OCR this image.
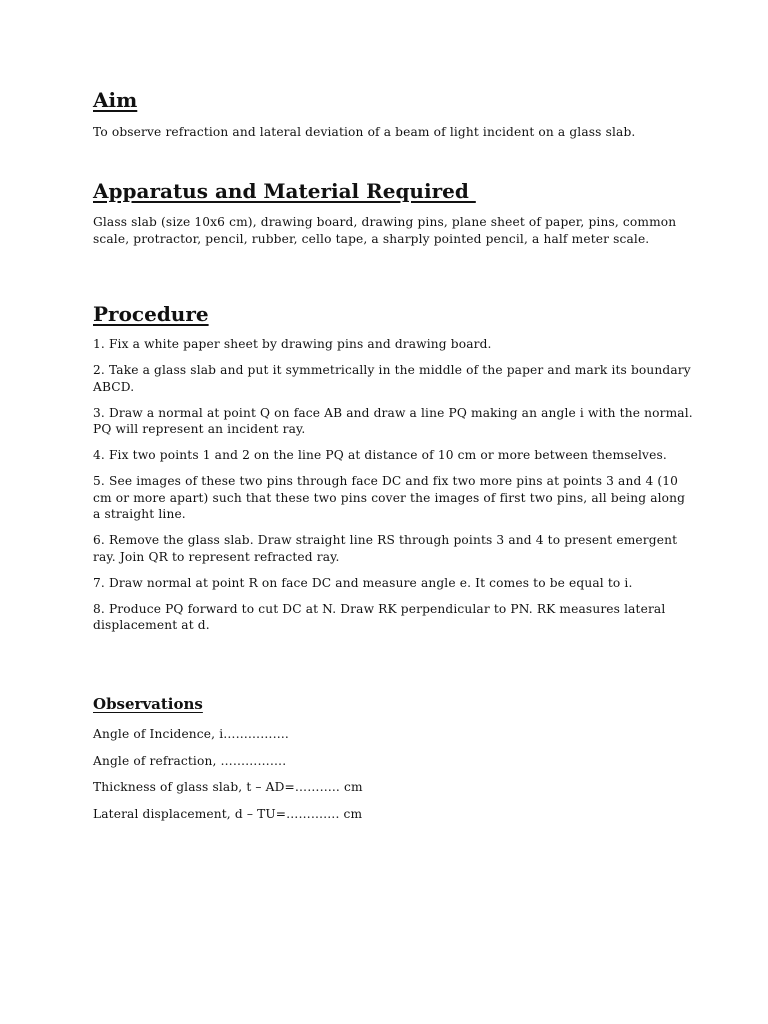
Aim

To observe refraction and lateral deviation of a beam of light incident on a glass slab.

Apparatus and Material Required

Glass slab (size 10x6 cm), drawing board, drawing pins, plane sheet of paper, pins, common scale, protractor, pencil, rubber, cello tape, a sharply pointed pencil, a half meter scale.

Procedure

1. Fix a white paper sheet by drawing pins and drawing board.

2. Take a glass slab and put it symmetrically in the middle of the paper and mark its boundary ABCD.

3. Draw a normal at point Q on face AB and draw a line PQ making an angle i with the normal. PQ will represent an incident ray.

4. Fix two points 1 and 2 on the line PQ at distance of 10 cm or more between themselves.

5. See images of these two pins through face DC and fix two more pins at points 3 and 4 (10 cm or more apart) such that these two pins cover the images of first two pins, all being along a straight line.

6. Remove the glass slab. Draw straight line RS through points 3 and 4 to present emergent ray. Join QR to represent refracted ray.

7. Draw normal at point R on face DC and measure angle e. It comes to be equal to i.

8. Produce PQ forward to cut DC at N. Draw RK perpendicular to PN. RK measures lateral displacement at d.

Observations

Angle of Incidence, i…………….

Angle of refraction, …………….

Thickness of glass slab, t – AD=……….. cm

Lateral displacement, d – TU=…………. cm
